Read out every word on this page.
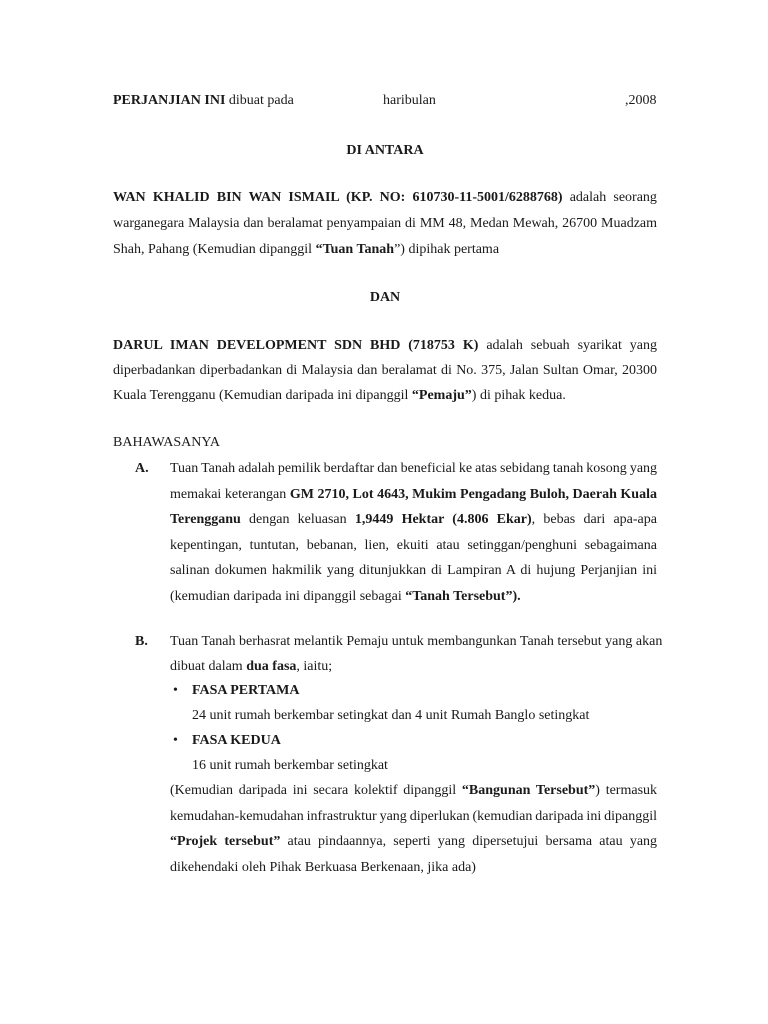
PERJANJIAN INI dibuat pada	haribulan	,2008
DI ANTARA
DAN
BAHAWASANYA
A.
B.
WAN KHALID BIN WAN ISMAIL (KP. NO: 610730-11-5001/6288768) adalah seorang
warganegara Malaysia dan beralamat penyampaian di MM 48, Medan Mewah, 26700 Muadzam
Shah, Pahang (Kemudian dipanggil “Tuan Tanah”) dipihak pertama
DARUL IMAN DEVELOPMENT SDN BHD (718753 K) adalah sebuah syarikat yang
diperbadankan diperbadankan di Malaysia dan beralamat di No. 375, Jalan Sultan Omar, 20300
Kuala Terengganu (Kemudian daripada ini dipanggil “Pemaju”) di pihak kedua.
Tuan Tanah adalah pemilik berdaftar dan beneficial ke atas sebidang tanah kosong yang
memakai keterangan GM 2710, Lot 4643, Mukim Pengadang Buloh, Daerah Kuala
Terengganu dengan keluasan 1,9449 Hektar (4.806 Ekar), bebas dari apa-apa
kepentingan, tuntutan, bebanan, lien, ekuiti atau setinggan/penghuni sebagaimana
salinan dokumen hakmilik yang ditunjukkan di Lampiran A di hujung Perjanjian ini
(kemudian daripada ini dipanggil sebagai “Tanah Tersebut”).
Tuan Tanah berhasrat melantik Pemaju untuk membangunkan Tanah tersebut yang akan
dibuat dalam dua fasa, iaitu;
• FASA PERTAMA
24 unit rumah berkembar setingkat dan 4 unit Rumah Banglo setingkat
• FASA KEDUA
16 unit rumah berkembar setingkat
(Kemudian daripada ini secara kolektif dipanggil “Bangunan Tersebut”) termasuk
kemudahan-kemudahan infrastruktur yang diperlukan (kemudian daripada ini dipanggil
“Projek tersebut” atau pindaannya, seperti yang dipersetujui bersama atau yang
dikehendaki oleh Pihak Berkuasa Berkenaan, jika ada)
